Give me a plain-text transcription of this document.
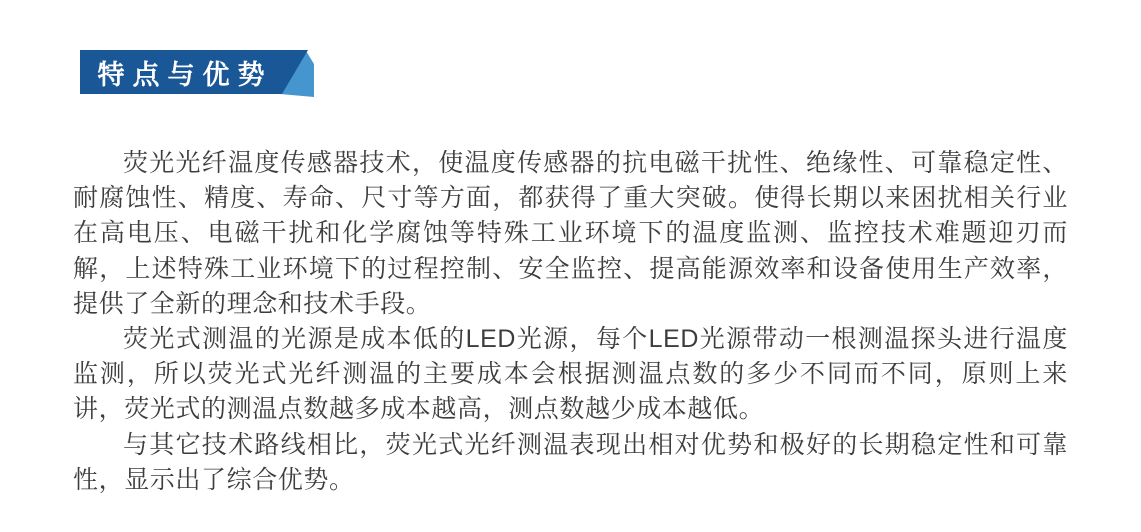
特点与优势

荧光光纤温度传感器技术，使温度传感器的抗电磁干扰性、绝缘性、可靠稳定性、耐腐蚀性、精度、寿命、尺寸等方面，都获得了重大突破。使得长期以来困扰相关行业在高电压、电磁干扰和化学腐蚀等特殊工业环境下的温度监测、监控技术难题迎刃而解，上述特殊工业环境下的过程控制、安全监控、提高能源效率和设备使用生产效率，提供了全新的理念和技术手段。

荧光式测温的光源是成本低的LED光源，每个LED光源带动一根测温探头进行温度监测，所以荧光式光纤测温的主要成本会根据测温点数的多少不同而不同，原则上来讲，荧光式的测温点数越多成本越高，测点数越少成本越低。

与其它技术路线相比，荧光式光纤测温表现出相对优势和极好的长期稳定性和可靠性，显示出了综合优势。
